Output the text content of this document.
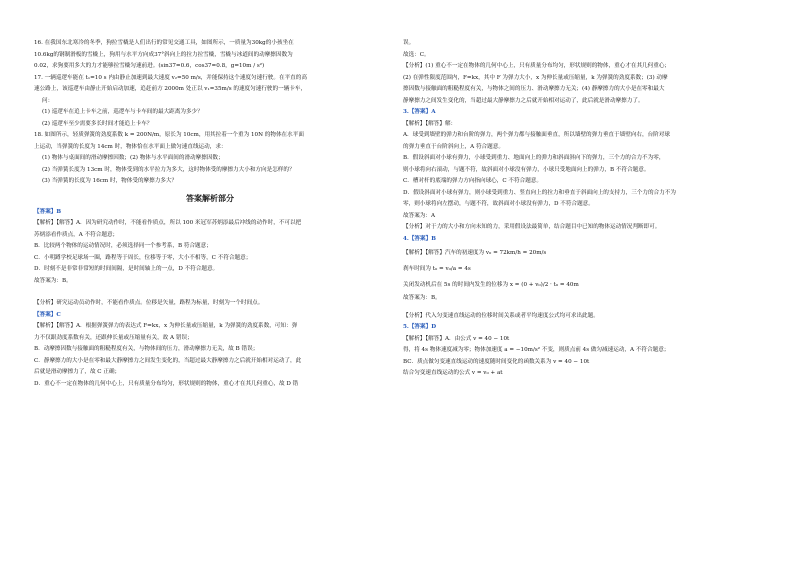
16. 在我国东北寒冷的冬季，狗拉雪橇是人们出行的常见交通工具，如图所示，一质量为30kg的小孩坐在
10.6kg的钢制滑板的雪橇上，狗用与水平方向成37°斜向上的拉力拉雪橇，雪橇与冰道间的动摩擦因数为
0.02，求狗要用多大的力才能够拉雪橇匀速前进。(sin37=0.6，cos37=0.8，g=10m / s²)
17. 一辆巡逻车能在 t₁=10 s 内由静止加速到最大速度 v₂=50 m/s，并能保持这个速度匀速行驶。在平直的高
速公路上，该巡逻车由静止开始启动加速，追赶前方 2000m 处正以 v₁=35m/s 的速度匀速行驶的一辆卡车，
问：
(1) 巡逻车在追上卡车之前，巡逻车与卡车间的最大距离为多少？
(2) 巡逻车至少需要多长时间才能追上卡车？
18. 如图所示，轻质弹簧的劲度系数 k = 200N/m，原长为 10cm，用其拉着一个重为 10N 的物体在水平面
上运动，当弹簧的长度为 14cm 时，物体恰在水平面上做匀速直线运动，求：
(1) 物体与桌面间的滑动摩擦因数；(2) 物体与水平面间的滑动摩擦因数；
(2) 当弹簧长度为 13cm 时，物体受到的水平拉力为多大，这时物体受的摩擦力大小和方向是怎样的？
(3) 当弹簧的长度为 16cm 时，物体受的摩擦力多大？
答案解析部分
【答案】B
【解析】【解答】A．因为研究动作时，不能看作质点，所以 100 米冠军苏炳添最后冲线的动作时，不可以把
苏炳添看作质点，A 不符合题意；
B．比较两个物体的运动情况时，必须选择同一个参考系，B 符合题意；
C．小明蹲学校足球场一圈，路程等于周长，位移等于零，大小不相等，C 不符合题意；
D．时刻不是非常非常短的时间间隔，是时间轴上的一点，D 不符合题意。
故答案为：B。
【分析】研究运动员动作时，不能看作质点。位移是矢量，路程为标量，时刻为一个时间点。
【答案】C
【解析】【解答】A．根据弹簧弹力的表达式 F=kx，x 为伸长量或压缩量，k 为弹簧的劲度系数，可知：弹
力不仅跟劲度系数有关，还跟伸长量或压缩量有关，故 A 错误；
B．动摩擦因数与接触面的粗糙程度有关，与物体间的压力，滑动摩擦力无关，故 B 错误；
C．静摩擦力的大小是在零和最大静摩擦力之间发生变化的，当超过最大静摩擦力之后就开始相对运动了，此
后就是滑动摩擦力了，故 C 正确；
D．重心不一定在物体的几何中心上，只有质量分布均匀，形状规则的物体，重心才在其几何重心，故 D 错
误。
故选：C。
【分析】(1) 重心不一定在物体的几何中心上，只有质量分布均匀，形状规则的物体，重心才在其几何重心；
(2) 在弹性限度范围内，F=kx，其中 F 为弹力大小，x 为伸长量或压缩量，k 为弹簧的劲度系数；(3) 动摩
擦因数与接触面的粗糙程度有关，与物体之间的压力、滑动摩擦力无关；(4) 静摩擦力的大小是在零和最大
静摩擦力之间发生变化的，当超过最大静摩擦力之后就开始相对运动了，此后就是滑动摩擦力了。
3.【答案】A
【解析】【解答】解：
A．球受到墙壁的弹力和台阶的弹力，两个弹力都与接触面垂直，所以墙壁的弹力垂直于墙壁向右，台阶对球
的弹力垂直于台阶斜向上，A 符合题意。
B．假设斜面对小球有弹力，小球受到重力、地面向上的弹力和斜面斜向下的弹力，三个力的合力不为零，
则小球将向右滚动，与题不符，故斜面对小球没有弹力，小球只受地面向上的弹力，B 不符合题意。
C．槽对杆的底端的弹力方向指向球心，C 不符合题意。
D．假设斜面对小球有弹力，则小球受到重力、竖直向上的拉力和垂直于斜面向上的支持力，三个力的合力不为
零，则小球将向左摆动，与题不符，故斜面对小球没有弹力，D 不符合题意。
故答案为：A
【分析】对于力的大小和方向未知的力，采用假设法最简单，结合题目中已知的物体运动情况判断即可。
4.【答案】B
【解析】【解答】汽车的初速度为 v₀ = 72km/h = 20m/s
刹车时间为 t₀ = v₀/a = 4s
关闭发动机后在 5s 的时间内发生的位移为 x = (0 + v₀)/2 · t₀ = 40m
故答案为：B。
【分析】代入匀变速直线运动的位移时间关系或者平均速度公式均可求出此题。
5.【答案】D
【解析】【解答】A．由公式 v = 40 − 10t
得，将 4s 物体速度减为零；物体加速度 a = −10m/s² 不变，则质点前 4s 做匀减速运动，A 不符合题意；
BC．质点做匀变速直线运动的速度随时间变化的函数关系为 v = 40 − 10t
结合匀变速直线运动的公式 v = v₀ + at
